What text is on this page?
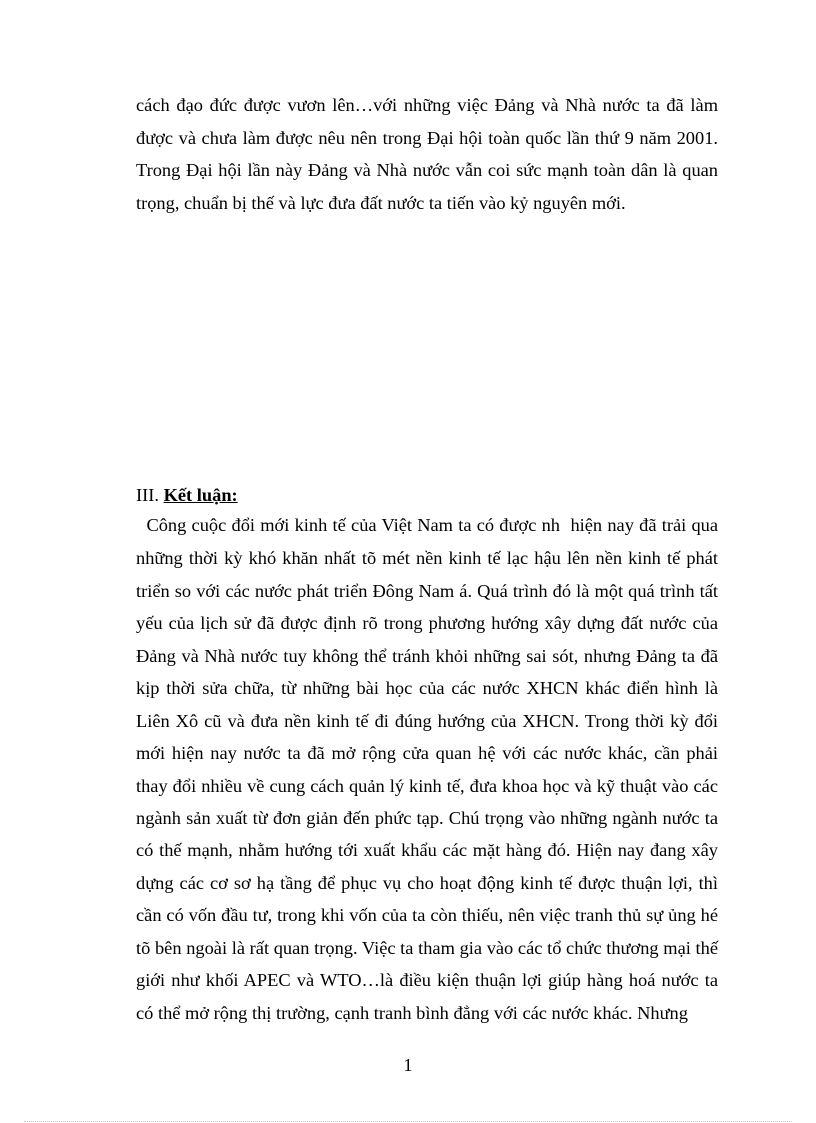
cách đạo đức được vươn lên…với những việc Đảng và Nhà nước ta đã làm
được và chưa làm được nêu nên trong Đại hội toàn quốc lần thứ 9 năm 2001.
Trong Đại hội lần này Đảng và Nhà nước vẫn coi sức mạnh toàn dân là quan
trọng, chuẩn bị thế và lực đưa đất nước ta tiến vào kỷ nguyên mới.
III. Kết luận:
Công cuộc đổi mới kinh tế của Việt Nam ta có được nh  hiện nay đã trải qua
những thời kỳ khó khăn nhất tõ mét nền kinh tế lạc hậu lên nền kinh tế phát
triển so với các nước phát triển Đông Nam á. Quá trình đó là một quá trình tất
yếu của lịch sử đã được định rõ trong phương hướng xây dựng đất nước của
Đảng và Nhà nước tuy không thể tránh khỏi những sai sót, nhưng Đảng ta đã
kịp thời sửa chữa, từ những bài học của các nước XHCN khác điển hình là
Liên Xô cũ và đưa nền kinh tế đi đúng hướng của XHCN. Trong thời kỳ đổi
mới hiện nay nước ta đã mở rộng cửa quan hệ với các nước khác, cần phải
thay đổi nhiều về cung cách quản lý kinh tế, đưa khoa học và kỹ thuật vào các
ngành sản xuất từ đơn giản đến phức tạp. Chú trọng vào những ngành nước ta
có thế mạnh, nhằm hướng tới xuất khẩu các mặt hàng đó. Hiện nay đang xây
dựng các cơ sơ hạ tầng để phục vụ cho hoạt động kinh tế được thuận lợi, thì
cần có vốn đầu tư, trong khi vốn của ta còn thiếu, nên việc tranh thủ sự ủng hé
tõ bên ngoài là rất quan trọng. Việc ta tham gia vào các tổ chức thương mại thế
giới như khối APEC và WTO…là điều kiện thuận lợi giúp hàng hoá nước ta
có thể mở rộng thị trường, cạnh tranh bình đẳng với các nước khác. Nhưng
1
